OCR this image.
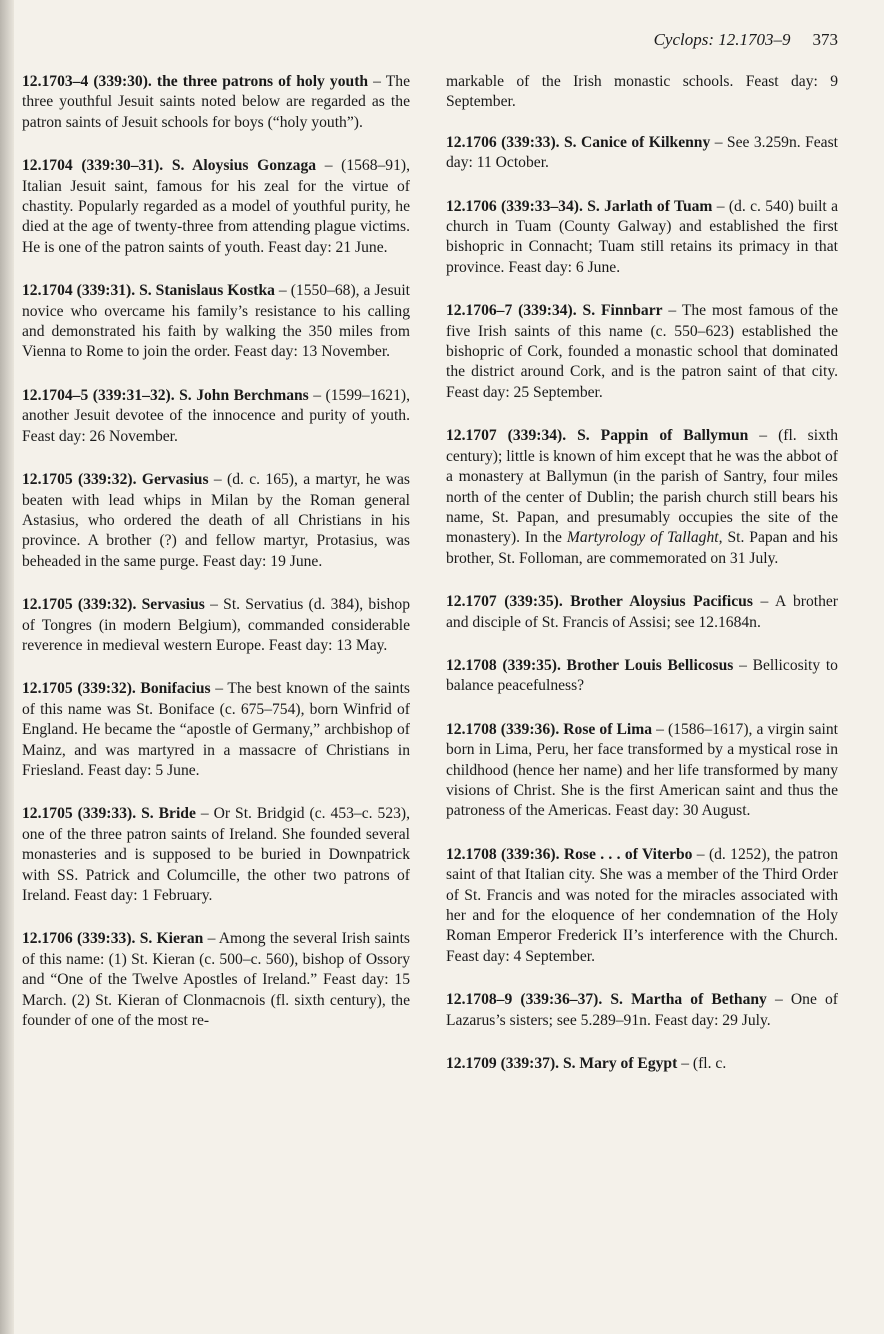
Cyclops: 12.1703–9 373

12.1703–4 (339:30). the three patrons of holy youth – The three youthful Jesuit saints noted below are regarded as the patron saints of Jesuit schools for boys (“holy youth”).

12.1704 (339:30–31). S. Aloysius Gonzaga – (1568–91), Italian Jesuit saint, famous for his zeal for the virtue of chastity. Popularly regarded as a model of youthful purity, he died at the age of twenty-three from attending plague victims. He is one of the patron saints of youth. Feast day: 21 June.

12.1704 (339:31). S. Stanislaus Kostka – (1550–68), a Jesuit novice who overcame his family’s resistance to his calling and demonstrated his faith by walking the 350 miles from Vienna to Rome to join the order. Feast day: 13 November.

12.1704–5 (339:31–32). S. John Berchmans – (1599–1621), another Jesuit devotee of the innocence and purity of youth. Feast day: 26 November.

12.1705 (339:32). Gervasius – (d. c. 165), a martyr, he was beaten with lead whips in Milan by the Roman general Astasius, who ordered the death of all Christians in his province. A brother (?) and fellow martyr, Protasius, was beheaded in the same purge. Feast day: 19 June.

12.1705 (339:32). Servasius – St. Servatius (d. 384), bishop of Tongres (in modern Belgium), commanded considerable reverence in medieval western Europe. Feast day: 13 May.

12.1705 (339:32). Bonifacius – The best known of the saints of this name was St. Boniface (c. 675–754), born Winfrid of England. He became the “apostle of Germany,” archbishop of Mainz, and was martyred in a massacre of Christians in Friesland. Feast day: 5 June.

12.1705 (339:33). S. Bride – Or St. Bridgid (c. 453–c. 523), one of the three patron saints of Ireland. She founded several monasteries and is supposed to be buried in Downpatrick with SS. Patrick and Columcille, the other two patrons of Ireland. Feast day: 1 February.

12.1706 (339:33). S. Kieran – Among the several Irish saints of this name: (1) St. Kieran (c. 500–c. 560), bishop of Ossory and “One of the Twelve Apostles of Ireland.” Feast day: 15 March. (2) St. Kieran of Clonmacnois (fl. sixth century), the founder of one of the most re-

markable of the Irish monastic schools. Feast day: 9 September.

12.1706 (339:33). S. Canice of Kilkenny – See 3.259n. Feast day: 11 October.

12.1706 (339:33–34). S. Jarlath of Tuam – (d. c. 540) built a church in Tuam (County Galway) and established the first bishopric in Connacht; Tuam still retains its primacy in that province. Feast day: 6 June.

12.1706–7 (339:34). S. Finnbarr – The most famous of the five Irish saints of this name (c. 550–623) established the bishopric of Cork, founded a monastic school that dominated the district around Cork, and is the patron saint of that city. Feast day: 25 September.

12.1707 (339:34). S. Pappin of Ballymun – (fl. sixth century); little is known of him except that he was the abbot of a monastery at Ballymun (in the parish of Santry, four miles north of the center of Dublin; the parish church still bears his name, St. Papan, and presumably occupies the site of the monastery). In the Martyrology of Tallaght, St. Papan and his brother, St. Folloman, are commemorated on 31 July.

12.1707 (339:35). Brother Aloysius Pacificus – A brother and disciple of St. Francis of Assisi; see 12.1684n.

12.1708 (339:35). Brother Louis Bellicosus – Bellicosity to balance peacefulness?

12.1708 (339:36). Rose of Lima – (1586–1617), a virgin saint born in Lima, Peru, her face transformed by a mystical rose in childhood (hence her name) and her life transformed by many visions of Christ. She is the first American saint and thus the patroness of the Americas. Feast day: 30 August.

12.1708 (339:36). Rose . . . of Viterbo – (d. 1252), the patron saint of that Italian city. She was a member of the Third Order of St. Francis and was noted for the miracles associated with her and for the eloquence of her condemnation of the Holy Roman Emperor Frederick II’s interference with the Church. Feast day: 4 September.

12.1708–9 (339:36–37). S. Martha of Bethany – One of Lazarus’s sisters; see 5.289–91n. Feast day: 29 July.

12.1709 (339:37). S. Mary of Egypt – (fl. c.
